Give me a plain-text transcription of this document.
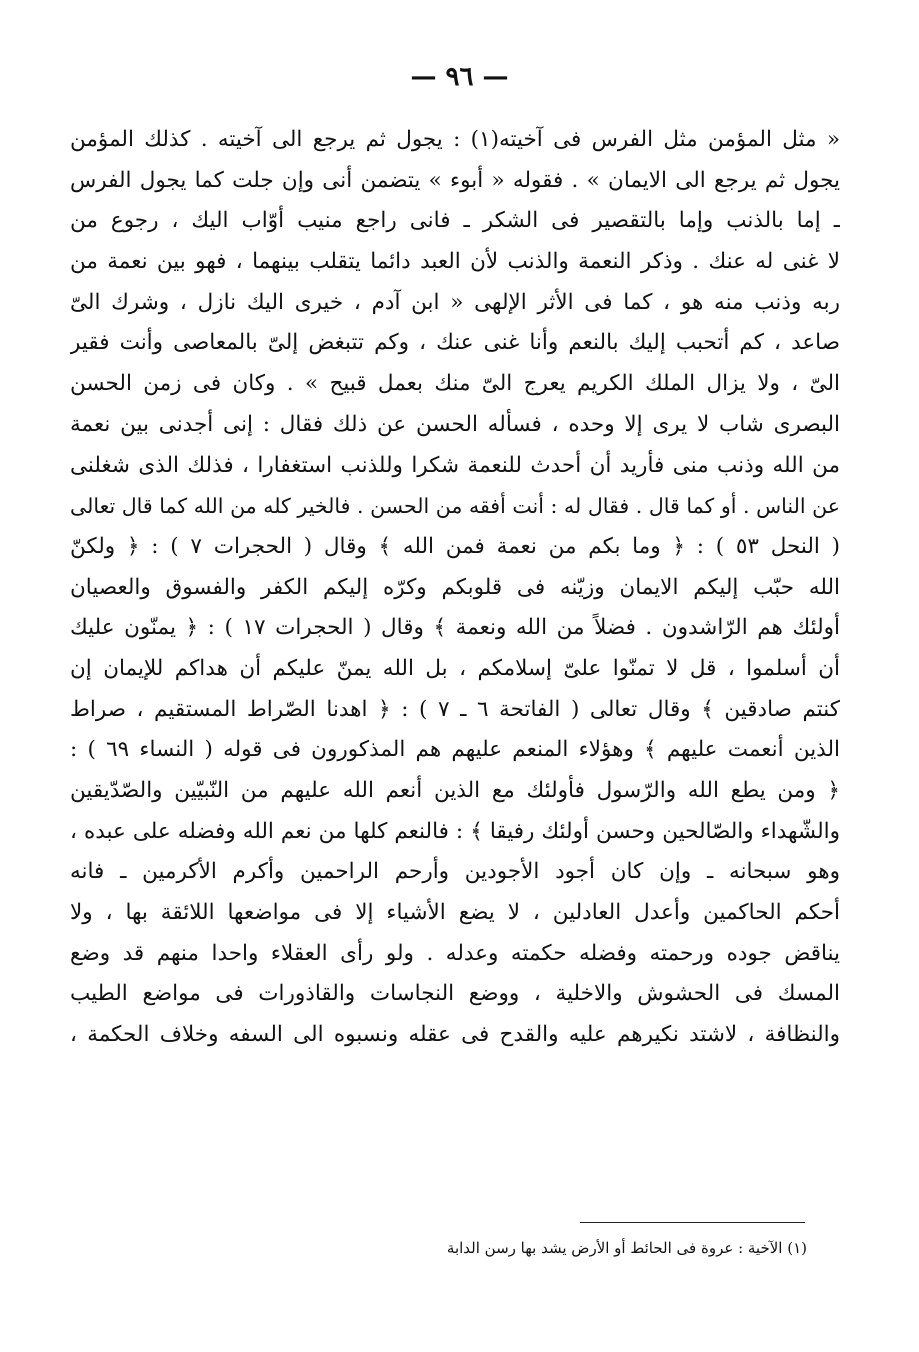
— ٩٦ —
« مثل المؤمن مثل الفرس فى آخيته(١) : يجول ثم يرجع الى آخيته . كذلك المؤمن
يجول ثم يرجع الى الايمان » . فقوله « أبوء » يتضمن أنى وإن جلت كما يجول الفرس
ـ إما بالذنب وإما بالتقصير فى الشكر ـ فانى راجع منيب أوّاب اليك ، رجوع من
لا غنى له عنك . وذكر النعمة والذنب لأن العبد دائما يتقلب بينهما ، فهو بين نعمة من
ربه وذنب منه هو ، كما فى الأثر الإلهى « ابن آدم ، خيرى اليك نازل ، وشرك الىّ
صاعد ، كم أتحبب إليك بالنعم وأنا غنى عنك ، وكم تتبغض إلىّ بالمعاصى وأنت فقير
الىّ ، ولا يزال الملك الكريم يعرج الىّ منك بعمل قبيح » . وكان فى زمن الحسن
البصرى شاب لا يرى إلا وحده ، فسأله الحسن عن ذلك فقال : إنى أجدنى بين نعمة
من الله وذنب منى فأريد أن أحدث للنعمة شكرا وللذنب استغفارا ، فذلك الذى شغلنى
عن الناس . أو كما قال . فقال له : أنت أفقه من الحسن . فالخير كله من الله كما قال تعالى
( النحل ٥٣ ) : ﴿ وما بكم من نعمة فمن الله ﴾ وقال ( الحجرات ٧ ) : ﴿ ولكنّ
الله حبّب إليكم الايمان وزيّنه فى قلوبكم وكرّه إليكم الكفر والفسوق والعصيان
أولئك هم الرّاشدون . فضلاً من الله ونعمة ﴾ وقال ( الحجرات ١٧ ) : ﴿ يمنّون عليك
أن أسلموا ، قل لا تمنّوا علىّ إسلامكم ، بل الله يمنّ عليكم أن هداكم للإيمان إن
كنتم صادقين ﴾ وقال تعالى ( الفاتحة ٦ ـ ٧ ) : ﴿ اهدنا الصّراط المستقيم ، صراط
الذين أنعمت عليهم ﴾ وهؤلاء المنعم عليهم هم المذكورون فى قوله ( النساء ٦٩ ) :
﴿ ومن يطع الله والرّسول فأولئك مع الذين أنعم الله عليهم من النّبيّين والصّدّيقين
والشّهداء والصّالحين وحسن أولئك رفيقا ﴾ : فالنعم كلها من نعم الله وفضله على عبده ،
وهو سبحانه ـ وإن كان أجود الأجودين وأرحم الراحمين وأكرم الأكرمين ـ فانه
أحكم الحاكمين وأعدل العادلين ، لا يضع الأشياء إلا فى مواضعها اللائقة بها ، ولا
يناقض جوده ورحمته وفضله حكمته وعدله . ولو رأى العقلاء واحدا منهم قد وضع
المسك فى الحشوش والاخلية ، ووضع النجاسات والقاذورات فى مواضع الطيب
والنظافة ، لاشتد نكيرهم عليه والقدح فى عقله ونسبوه الى السفه وخلاف الحكمة ،
(١) الآخية : عروة فى الحائط أو الأرض يشد بها رسن الدابة
